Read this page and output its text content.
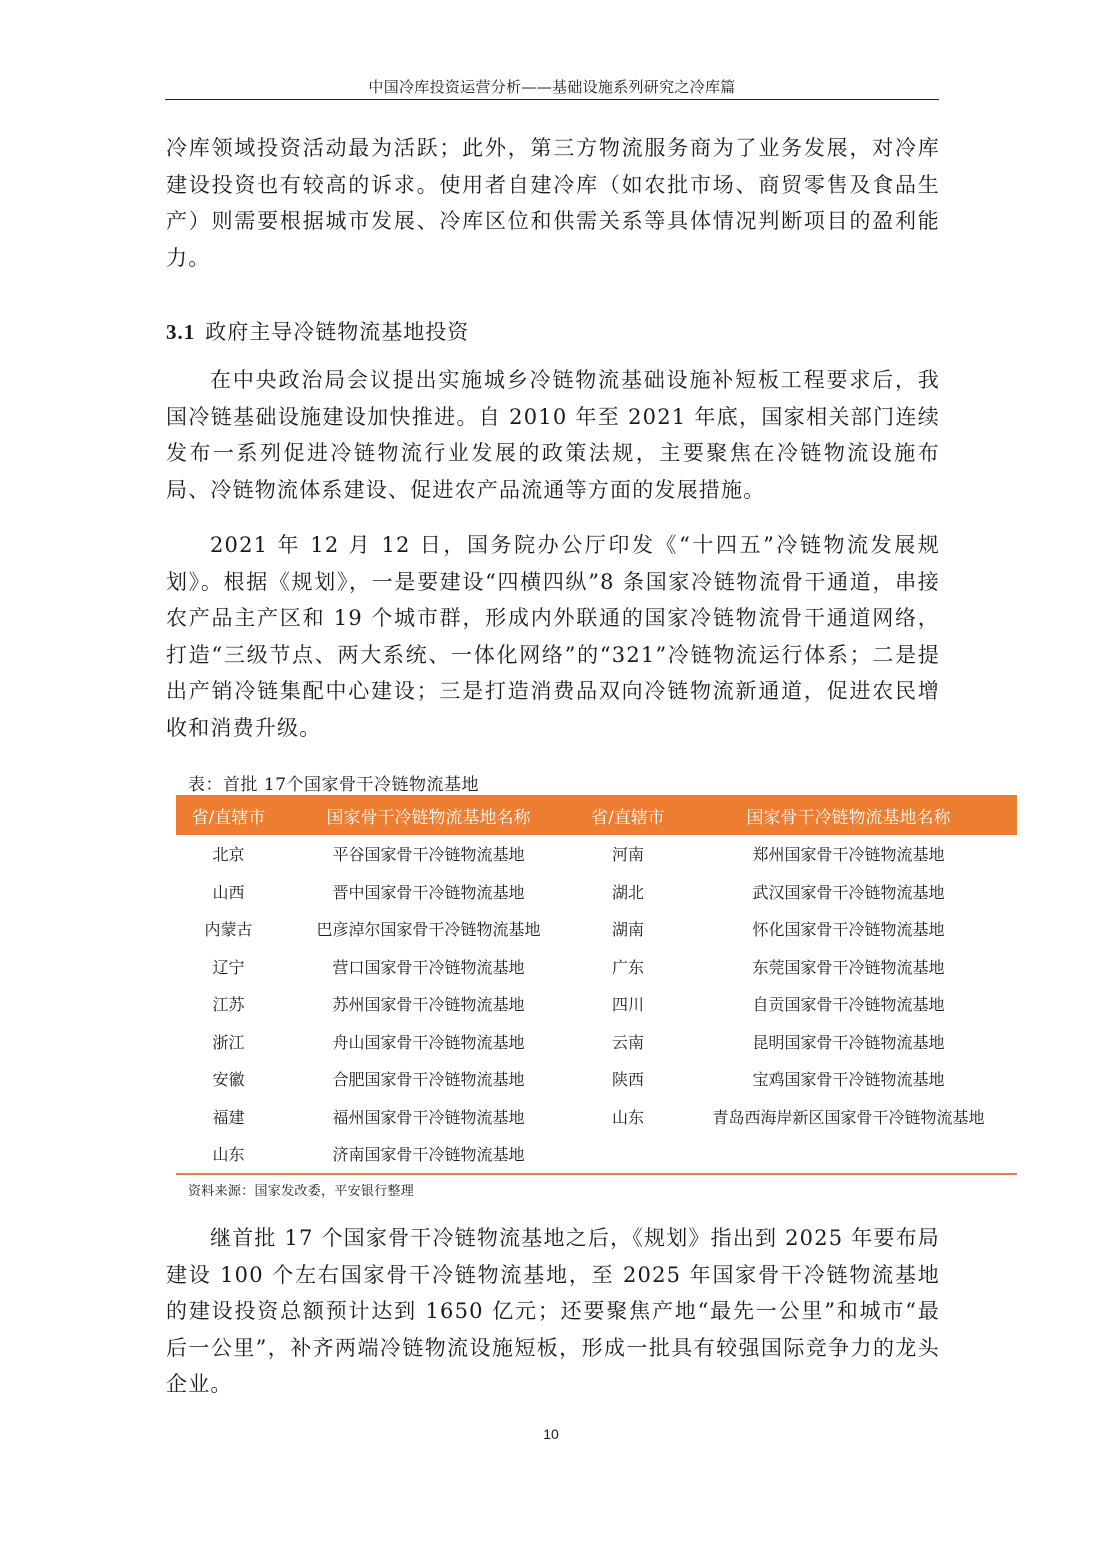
中国冷库投资运营分析——基础设施系列研究之冷库篇

冷库领域投资活动最为活跃；此外，第三方物流服务商为了业务发展，对冷库建设投资也有较高的诉求。使用者自建冷库（如农批市场、商贸零售及食品生产）则需要根据城市发展、冷库区位和供需关系等具体情况判断项目的盈利能力。

3.1 政府主导冷链物流基地投资

在中央政治局会议提出实施城乡冷链物流基础设施补短板工程要求后，我国冷链基础设施建设加快推进。自 2010 年至 2021 年底，国家相关部门连续发布一系列促进冷链物流行业发展的政策法规，主要聚焦在冷链物流设施布局、冷链物流体系建设、促进农产品流通等方面的发展措施。

2021 年 12 月 12 日，国务院办公厅印发《“十四五”冷链物流发展规划》。根据《规划》，一是要建设“四横四纵”8 条国家冷链物流骨干通道，串接农产品主产区和 19 个城市群，形成内外联通的国家冷链物流骨干通道网络，打造“三级节点、两大系统、一体化网络”的“321”冷链物流运行体系；二是提出产销冷链集配中心建设；三是打造消费品双向冷链物流新通道，促进农民增收和消费升级。

表：首批 17个国家骨干冷链物流基地
省/直辖市	国家骨干冷链物流基地名称	省/直辖市	国家骨干冷链物流基地名称
北京	平谷国家骨干冷链物流基地	河南	郑州国家骨干冷链物流基地
山西	晋中国家骨干冷链物流基地	湖北	武汉国家骨干冷链物流基地
内蒙古	巴彦淖尔国家骨干冷链物流基地	湖南	怀化国家骨干冷链物流基地
辽宁	营口国家骨干冷链物流基地	广东	东莞国家骨干冷链物流基地
江苏	苏州国家骨干冷链物流基地	四川	自贡国家骨干冷链物流基地
浙江	舟山国家骨干冷链物流基地	云南	昆明国家骨干冷链物流基地
安徽	合肥国家骨干冷链物流基地	陕西	宝鸡国家骨干冷链物流基地
福建	福州国家骨干冷链物流基地	山东	青岛西海岸新区国家骨干冷链物流基地
山东	济南国家骨干冷链物流基地		
资料来源：国家发改委，平安银行整理

继首批 17 个国家骨干冷链物流基地之后，《规划》指出到 2025 年要布局建设 100 个左右国家骨干冷链物流基地，至 2025 年国家骨干冷链物流基地的建设投资总额预计达到 1650 亿元；还要聚焦产地“最先一公里”和城市“最后一公里”，补齐两端冷链物流设施短板，形成一批具有较强国际竞争力的龙头企业。

10
